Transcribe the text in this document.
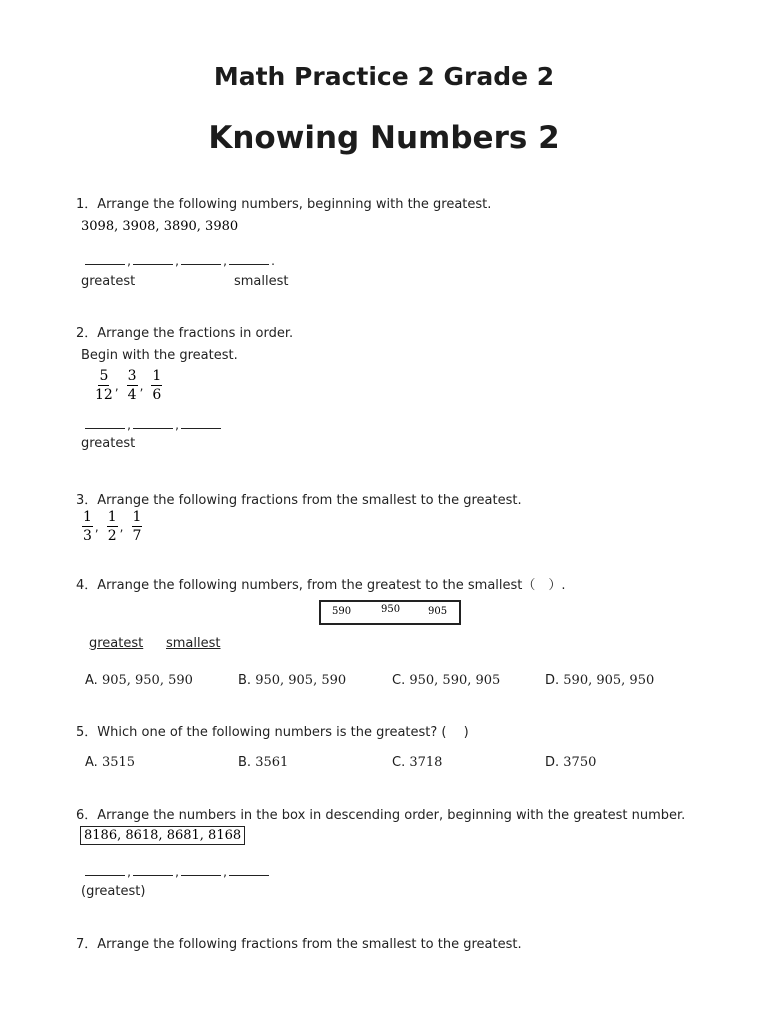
Math Practice 2 Grade 2
Knowing Numbers 2
1．Arrange the following numbers, beginning with the greatest.
3098, 3908, 3890, 3980
,	,	,	.
greatest	smallest
2．Arrange the fractions in order.
Begin with the greatest.
$\frac{5}{12}$ , $\frac{3}{4}$ , $\frac{1}{6}$
,	,
greatest
3．Arrange the following fractions from the smallest to the greatest.
$\frac{1}{3}$ , $\frac{1}{2}$ , $\frac{1}{7}$
4．Arrange the following numbers, from the greatest to the smallest（　）.
590	950	905
greatest smallest
A. 905, 950, 590	B. 950, 905, 590	C. 950, 590, 905	D. 590, 905, 950
5．Which one of the following numbers is the greatest? (　 )
A. 3515	B. 3561	C. 3718	D. 3750
6．Arrange the numbers in the box in descending order, beginning with the greatest number.
8186, 8618, 8681, 8168
,	,	,
(greatest)
7．Arrange the following fractions from the smallest to the greatest.
